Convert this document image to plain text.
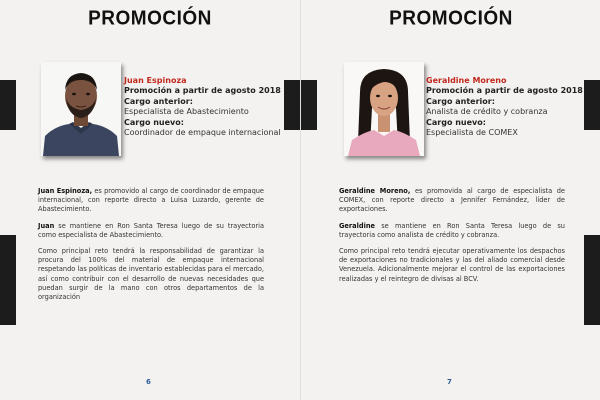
PROMOCIÓN
Juan Espinoza
Promoción a partir de agosto 2018
Cargo anterior:
Especialista de Abastecimiento
Cargo nuevo:
Coordinador de empaque internacional

Juan Espinoza, es promovido al cargo de coordinador de empaque internacional, con reporte directo a Luisa Luzardo, gerente de Abastecimiento.

Juan se mantiene en Ron Santa Teresa luego de su trayectoria como especialista de Abastecimiento.

Como principal reto tendrá la responsabilidad de garantizar la procura del 100% del material de empaque internacional respetando las políticas de inventario establecidas para el mercado, así como contribuir con el desarrollo de nuevas necesidades que puedan surgir de la mano con otros departamentos de la organización

6
PROMOCIÓN
Geraldine Moreno
Promoción a partir de agosto 2018
Cargo anterior:
Analista de crédito y cobranza
Cargo nuevo:
Especialista de COMEX

Geraldine Moreno, es promovida al cargo de especialista de COMEX, con reporte directo a Jennifer Fernández, líder de exportaciones.

Geraldine se mantiene en Ron Santa Teresa luego de su trayectoria como analista de crédito y cobranza.

Como principal reto tendrá ejecutar operativamente los despachos de exportaciones no tradicionales y las del aliado comercial desde Venezuela. Adicionalmente mejorar el control de las exportaciones realizadas y el reintegro de divisas al BCV.

7
